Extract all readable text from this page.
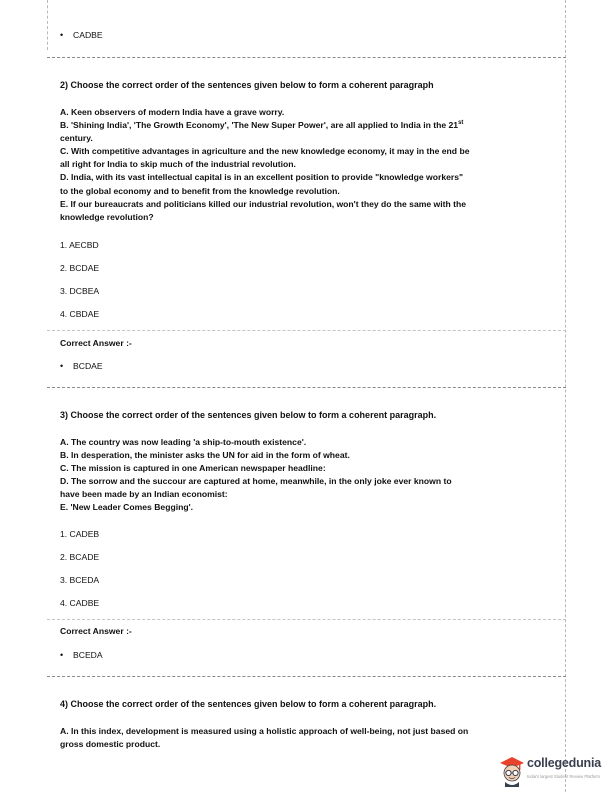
• CADBE
2) Choose the correct order of the sentences given below to form a coherent paragraph
A. Keen observers of modern India have a grave worry.
B. 'Shining India', 'The Growth Economy', 'The New Super Power', are all applied to India in the 21st
century.
C. With competitive advantages in agriculture and the new knowledge economy, it may in the end be
all right for India to skip much of the industrial revolution.
D. India, with its vast intellectual capital is in an excellent position to provide "knowledge workers"
to the global economy and to benefit from the knowledge revolution.
E. If our bureaucrats and politicians killed our industrial revolution, won't they do the same with the
knowledge revolution?
1. AECBD
2. BCDAE
3. DCBEA
4. CBDAE
Correct Answer :-
• BCDAE
3) Choose the correct order of the sentences given below to form a coherent paragraph.
A. The country was now leading 'a ship-to-mouth existence'.
B. In desperation, the minister asks the UN for aid in the form of wheat.
C. The mission is captured in one American newspaper headline:
D. The sorrow and the succour are captured at home, meanwhile, in the only joke ever known to
have been made by an Indian economist:
E. 'New Leader Comes Begging'.
1. CADEB
2. BCADE
3. BCEDA
4. CADBE
Correct Answer :-
• BCEDA
4) Choose the correct order of the sentences given below to form a coherent paragraph.
A. In this index, development is measured using a holistic approach of well-being, not just based on
gross domestic product.
collegedunia
India's largest Student Review Platform
